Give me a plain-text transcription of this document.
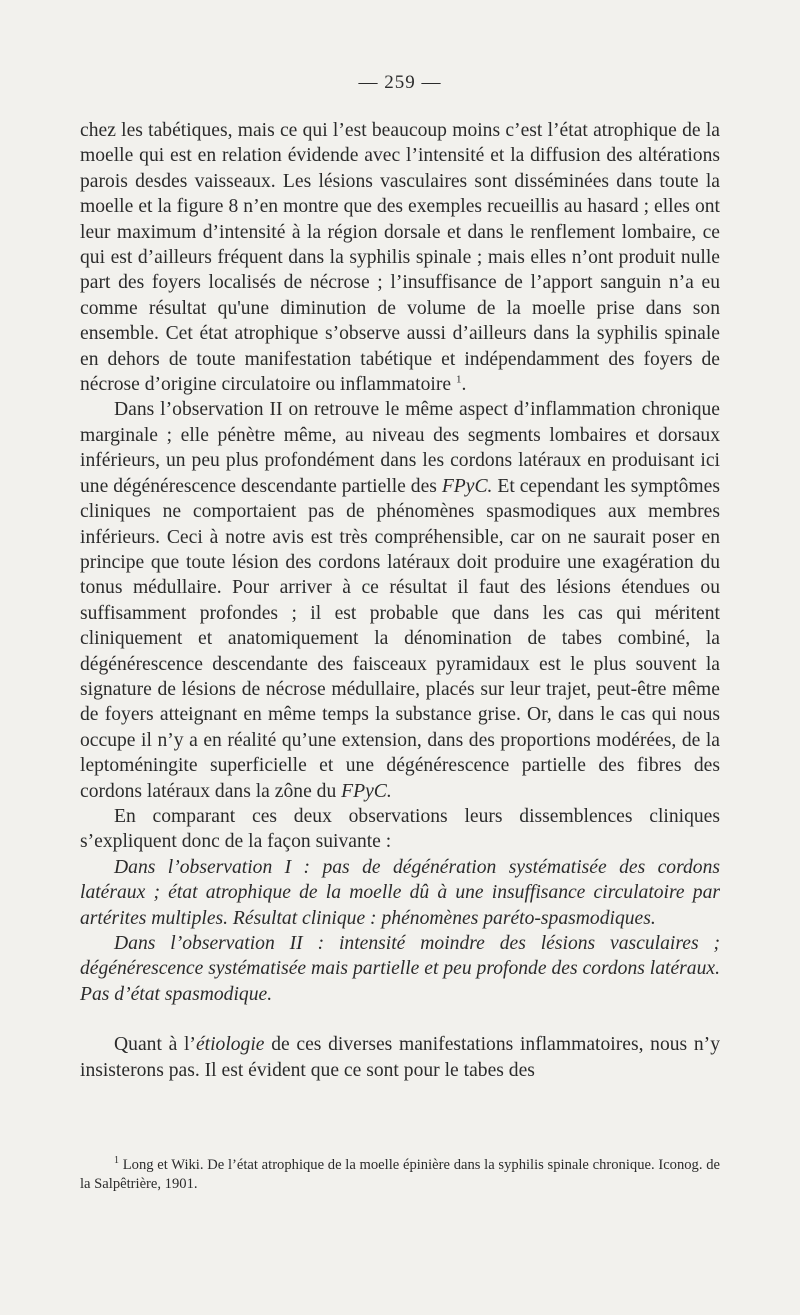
— 259 —

chez les tabétiques, mais ce qui l’est beaucoup moins c’est l’état atrophique de la moelle qui est en relation évidende avec l’intensité et la diffusion des altérations parois desdes vaisseaux. Les lésions vasculaires sont disséminées dans toute la moelle et la figure 8 n’en montre que des exemples recueillis au hasard ; elles ont leur maximum d’intensité à la région dorsale et dans le renflement lombaire, ce qui est d’ailleurs fréquent dans la syphilis spinale ; mais elles n’ont produit nulle part des foyers localisés de nécrose ; l’insuffisance de l’apport sanguin n’a eu comme résultat qu'une diminution de volume de la moelle prise dans son ensemble. Cet état atrophique s’observe aussi d’ailleurs dans la syphilis spinale en dehors de toute manifestation tabétique et indépendamment des foyers de nécrose d’origine circulatoire ou inflammatoire $^1$.

Dans l’observation II on retrouve le même aspect d’inflammation chronique marginale ; elle pénètre même, au niveau des segments lombaires et dorsaux inférieurs, un peu plus profondément dans les cordons latéraux en produisant ici une dégénérescence descendante partielle des FPyC. Et cependant les symptômes cliniques ne comportaient pas de phénomènes spasmodiques aux membres inférieurs. Ceci à notre avis est très compréhensible, car on ne saurait poser en principe que toute lésion des cordons latéraux doit produire une exagération du tonus médullaire. Pour arriver à ce résultat il faut des lésions étendues ou suffisamment profondes ; il est probable que dans les cas qui méritent cliniquement et anatomiquement la dénomination de tabes combiné, la dégénérescence descendante des faisceaux pyramidaux est le plus souvent la signature de lésions de nécrose médullaire, placés sur leur trajet, peut-être même de foyers atteignant en même temps la substance grise. Or, dans le cas qui nous occupe il n’y a en réalité qu’une extension, dans des proportions modérées, de la leptoméningite superficielle et une dégénérescence partielle des fibres des cordons latéraux dans la zône du FPyC.

En comparant ces deux observations leurs dissemblences cliniques s’expliquent donc de la façon suivante :

Dans l’observation I : pas de dégénération systématisée des cordons latéraux ; état atrophique de la moelle dû à une insuffisance circulatoire par artérites multiples. Résultat clinique : phénomènes paréto-spasmodiques.

Dans l’observation II : intensité moindre des lésions vasculaires ; dégénérescence systématisée mais partielle et peu profonde des cordons latéraux. Pas d’état spasmodique.

Quant à l’étiologie de ces diverses manifestations inflammatoires, nous n’y insisterons pas. Il est évident que ce sont pour le tabes des

$^1$ Long et Wiki. De l’état atrophique de la moelle épinière dans la syphilis spinale chronique. Iconog. de la Salpêtrière, 1901.
